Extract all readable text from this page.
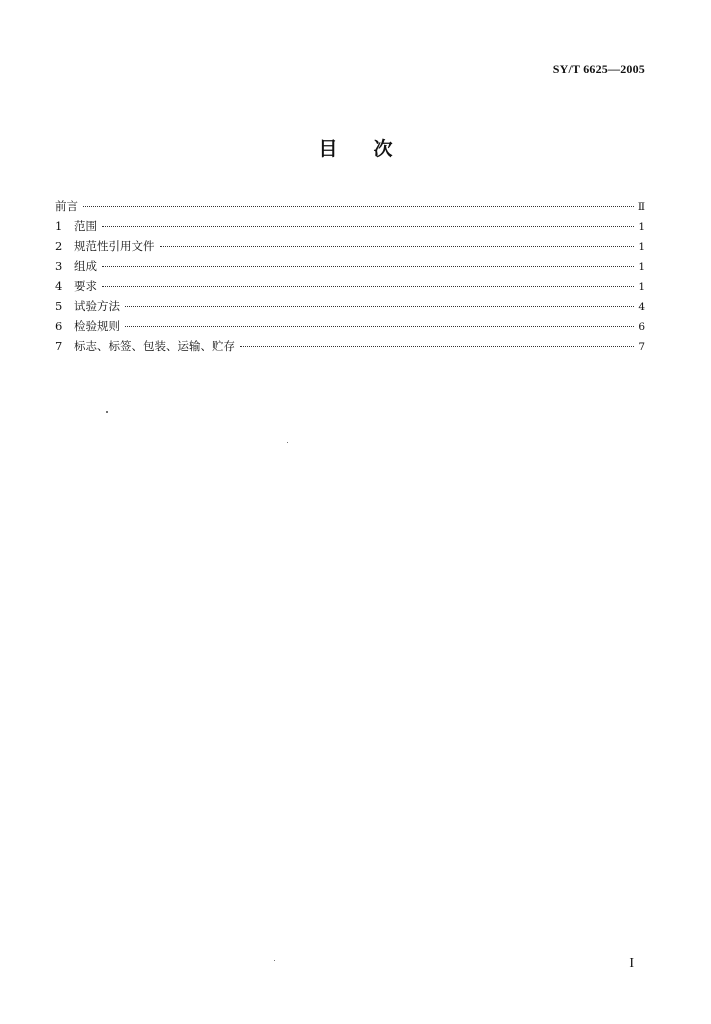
SY/T 6625—2005
目次
前言	Ⅱ
1	范围	1
2	规范性引用文件	1
3	组成	1
4	要求	1
5	试验方法	4
6	检验规则	6
7	标志、标签、包装、运输、贮存	7
I
